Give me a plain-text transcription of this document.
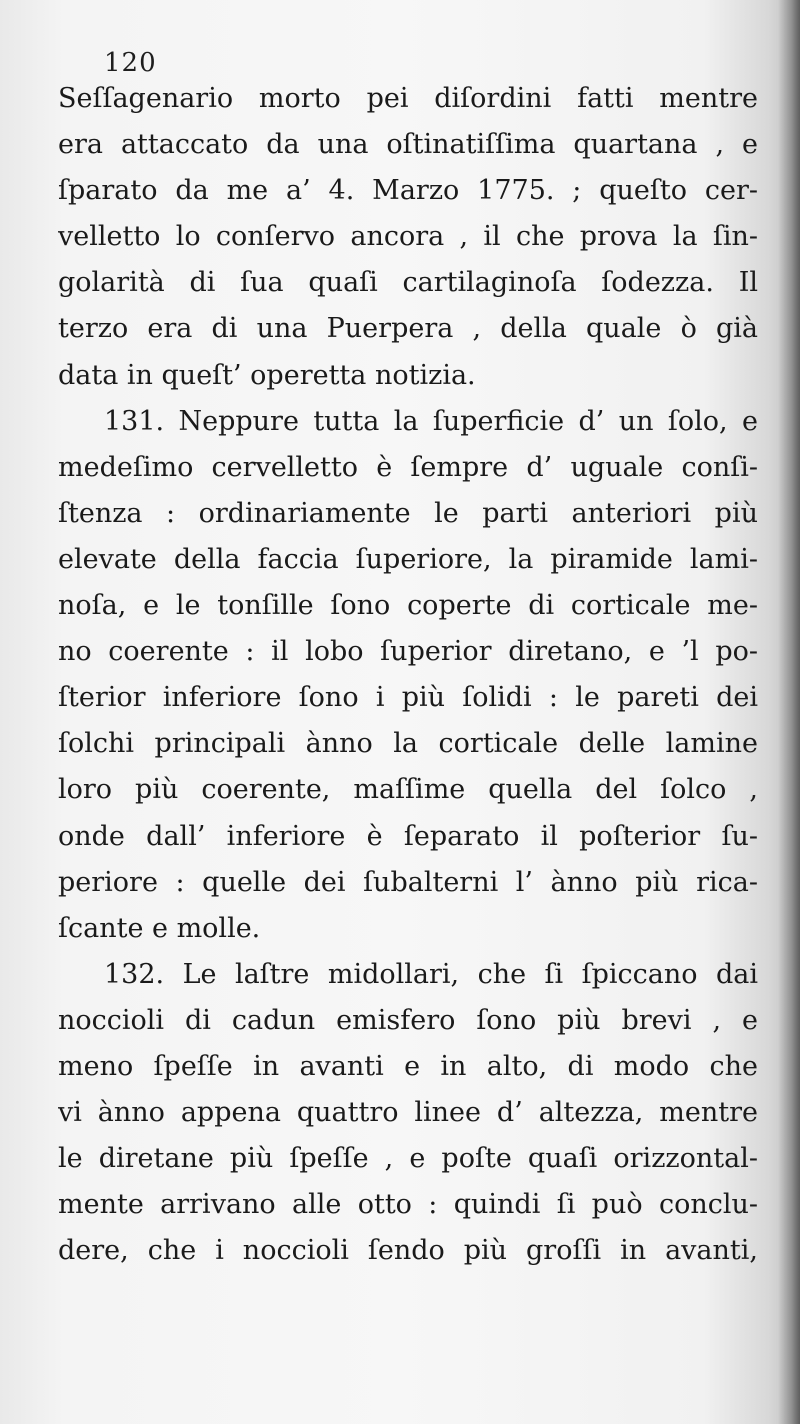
120
Seſſagenario morto pei diſordini fatti mentre
era attaccato da una oſtinatiſſima quartana , e
ſparato da me a’ 4. Marzo 1775. ; queſto cer-
velletto lo conſervo ancora , il che prova la ſin-
golarità di ſua quaſi cartilaginoſa ſodezza. Il
terzo era di una Puerpera , della quale ò già
data in queſt’ operetta notizia.
131. Neppure tutta la ſuperficie d’ un ſolo, e
medeſimo cervelletto è ſempre d’ uguale conſi-
ſtenza : ordinariamente le parti anteriori più
elevate della faccia ſuperiore, la piramide lami-
noſa, e le tonſille ſono coperte di corticale me-
no coerente : il lobo ſuperior diretano, e ’l po-
ſterior inferiore ſono i più ſolidi : le pareti dei
ſolchi principali ànno la corticale delle lamine
loro più coerente, maſſime quella del ſolco ,
onde dall’ inferiore è ſeparato il poſterior ſu-
periore : quelle dei ſubalterni l’ ànno più rica-
ſcante e molle.
132. Le laſtre midollari, che ſi ſpiccano dai
noccioli di cadun emisfero ſono più brevi , e
meno ſpeſſe in avanti e in alto, di modo che
vi ànno appena quattro linee d’ altezza, mentre
le diretane più ſpeſſe , e poſte quaſi orizzontal-
mente arrivano alle otto : quindi ſi può conclu-
dere, che i noccioli ſendo più groſſi in avanti,
